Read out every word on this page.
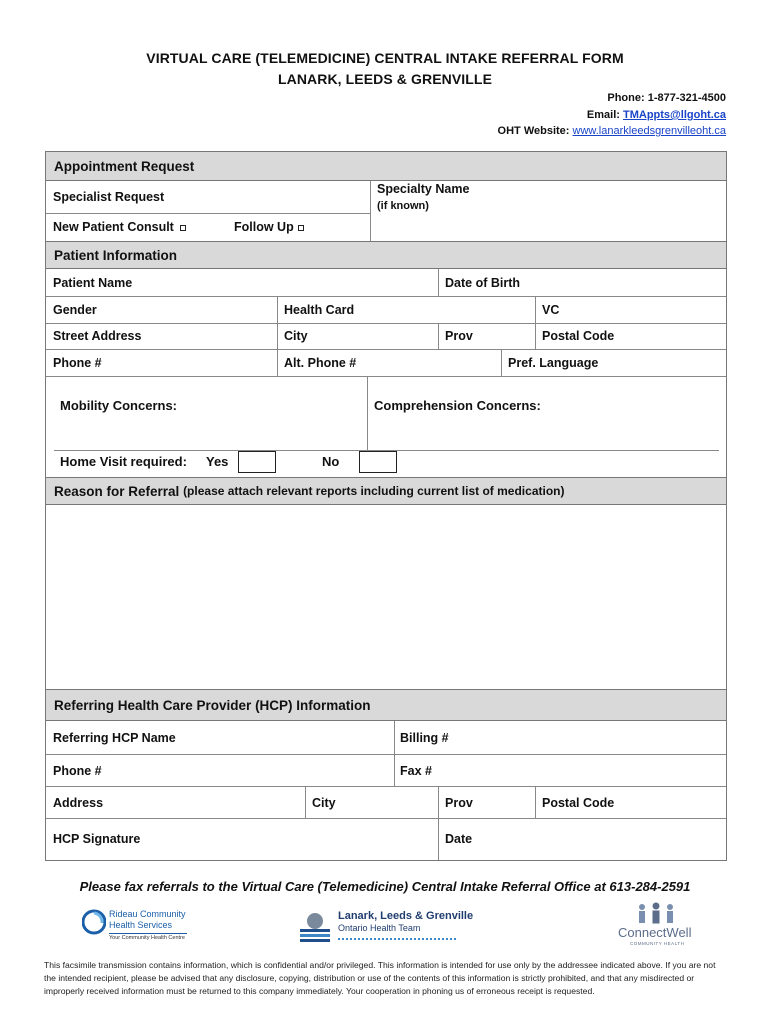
VIRTUAL CARE (TELEMEDICINE) CENTRAL INTAKE REFERRAL FORM
LANARK, LEEDS & GRENVILLE
Phone: 1-877-321-4500
Email: TMAppts@llgoht.ca
OHT Website: www.lanarkleedsgrenvilleoht.ca
Appointment Request
Specialist Request
Specialty Name
(if known)
New Patient Consult	Follow Up
Patient Information
Patient Name	Date of Birth
Gender	Health Card	VC
Street Address	City	Prov	Postal Code
Phone #	Alt. Phone #	Pref. Language
Mobility Concerns:	Comprehension Concerns:
Home Visit required: Yes	No
Reason for Referral
(please attach relevant reports including current list of medication)
Referring Health Care Provider (HCP) Information
Referring HCP Name	Billing #
Phone #	Fax #
Address	City	Prov	Postal Code
HCP Signature	Date
Please fax referrals to the Virtual Care (Telemedicine) Central Intake Referral Office at 613-284-2591
Rideau Community
Health Services
Your Community Health Centre
Lanark, Leeds & Grenville
Ontario Health Team	ConnectWell
COMMUNITY HEALTH
This facsimile transmission contains information, which is confidential and/or privileged. This information is intended for use only by the addressee indicated above. If you are not the intended recipient, please be advised that any disclosure, copying, distribution or use of the contents of this information is strictly prohibited, and that any misdirected or improperly received information must be returned to this company immediately. Your cooperation in phoning us of erroneous receipt is requested.
